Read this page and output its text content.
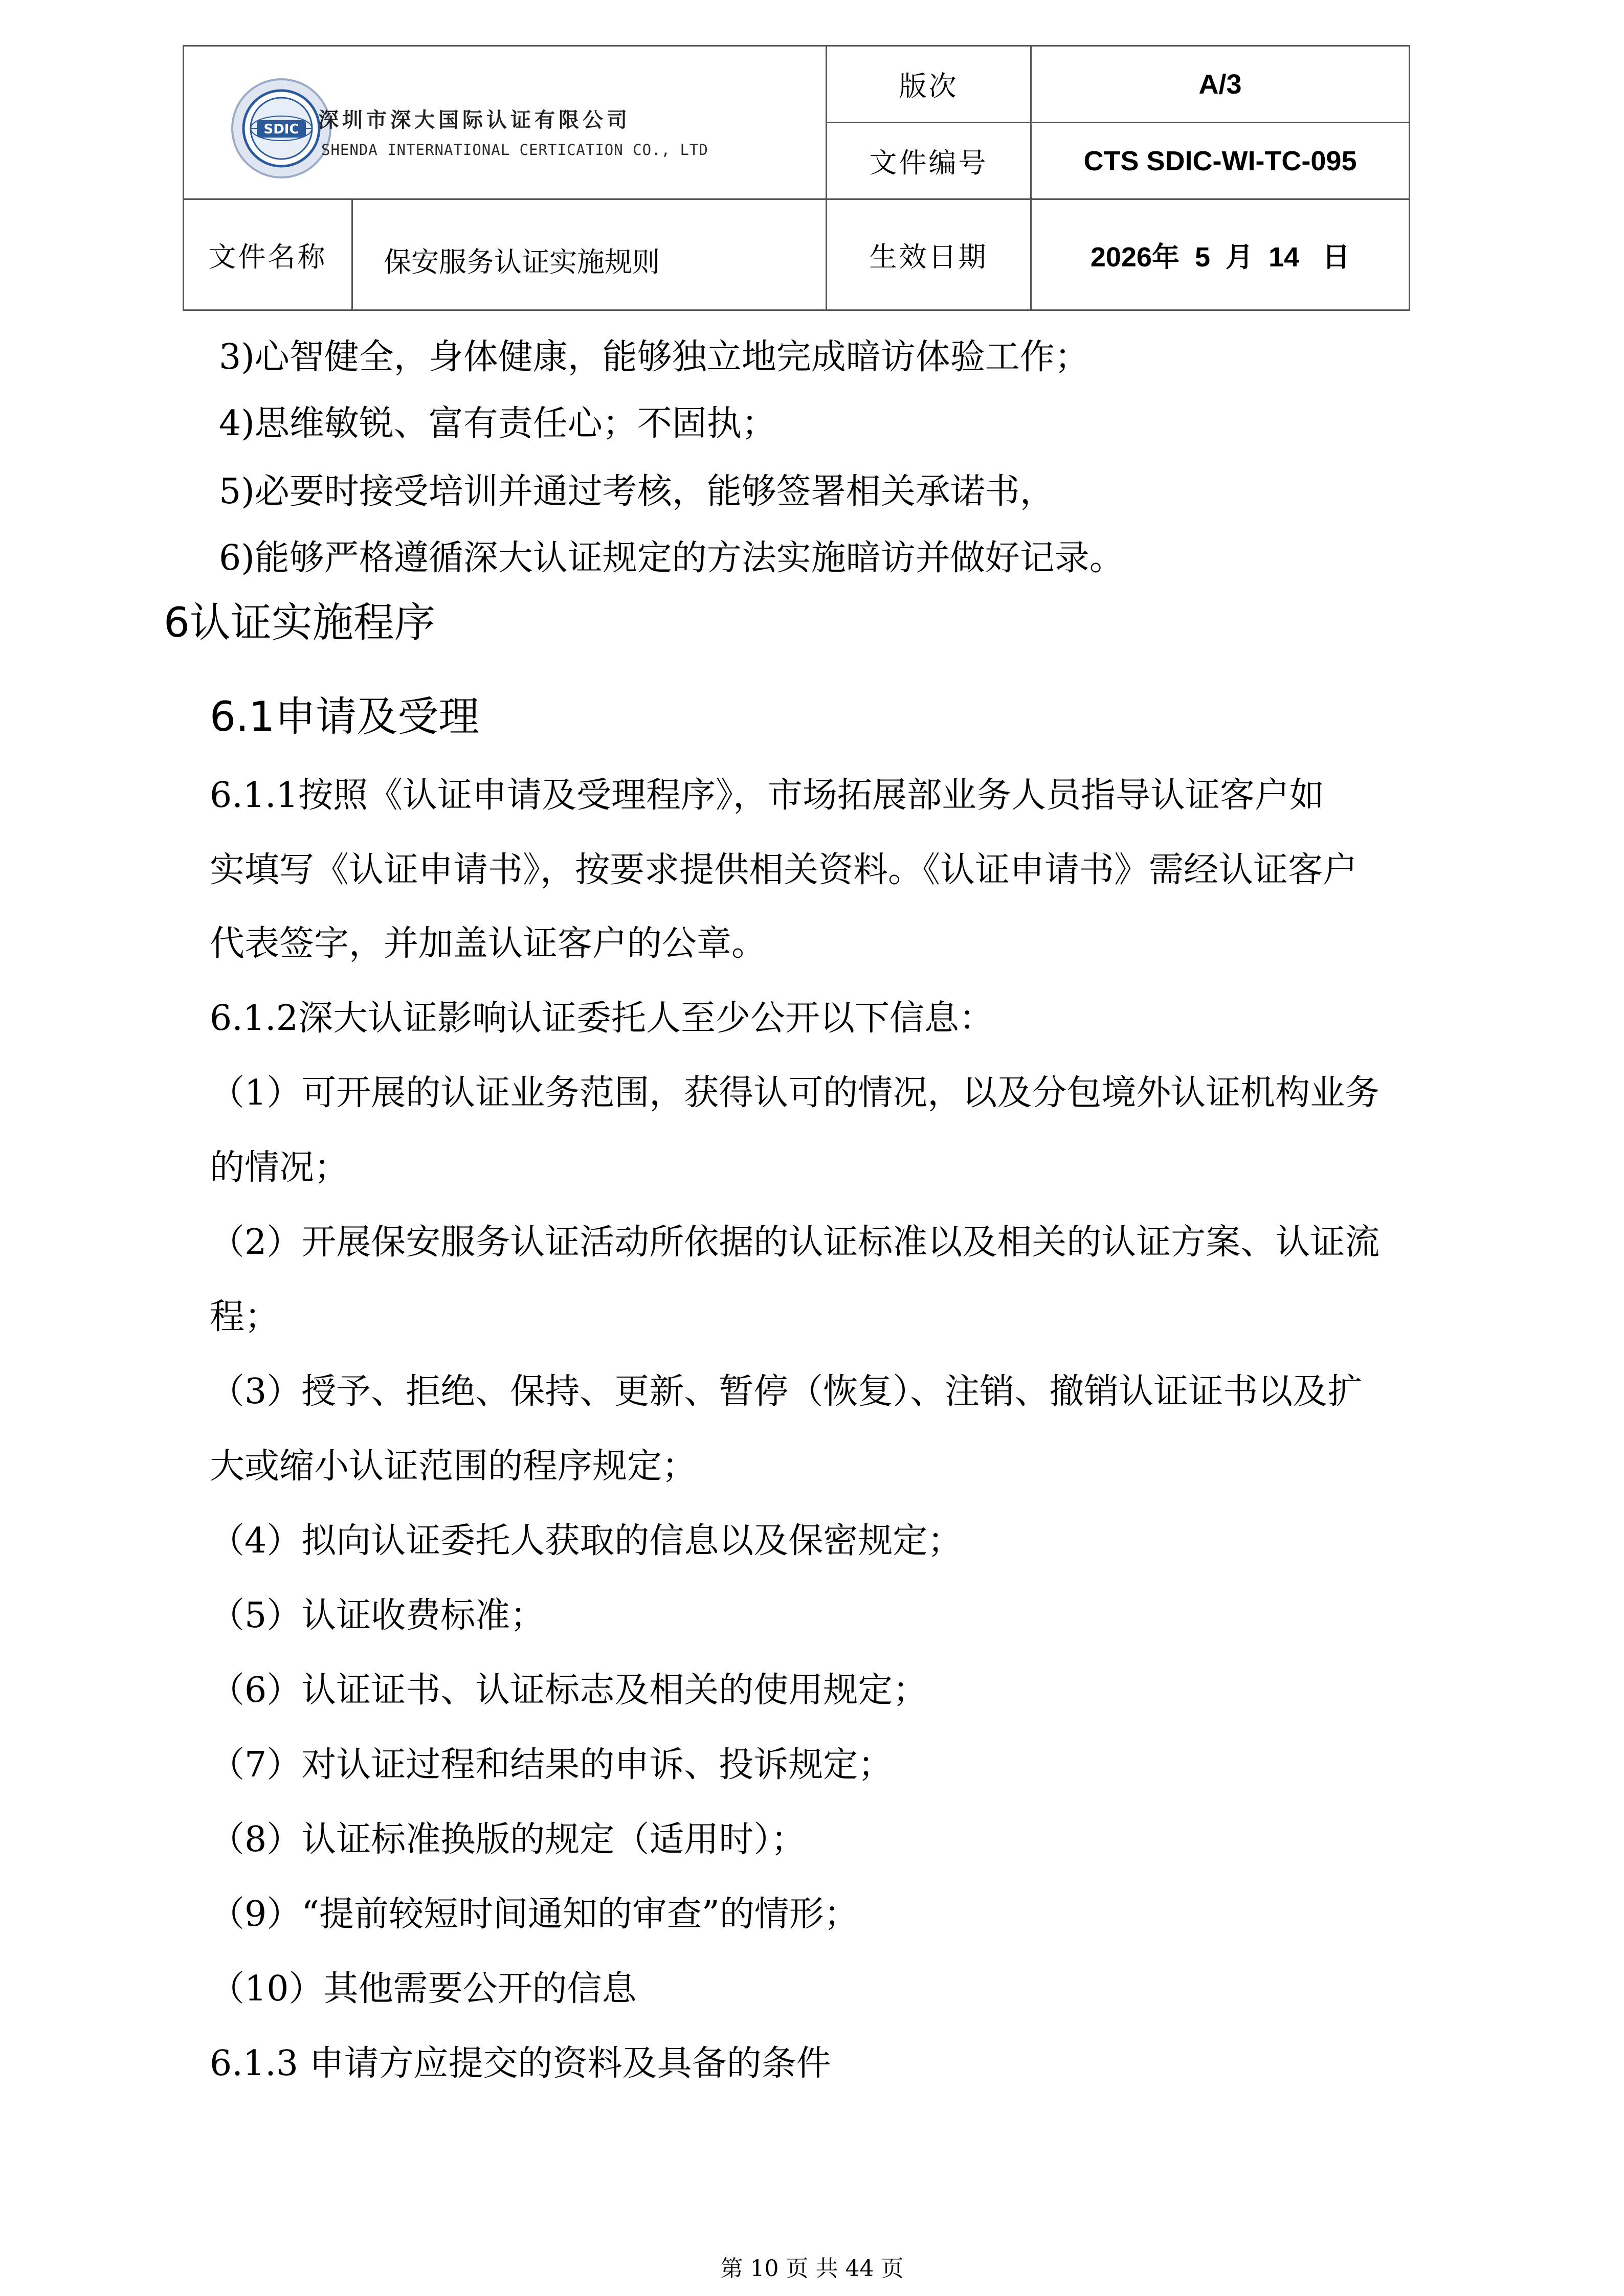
SDIC 深圳市深大国际认证有限公司
SHENDA INTERNATIONAL CERTICATION CO., LTD		版次	A/3
		文件编号	CTS SDIC-WI-TC-095
文件名称	保安服务认证实施规则	生效日期	2026年 5 月 14 日
3)心智健全，身体健康，能够独立地完成暗访体验工作；
4)思维敏锐、富有责任心；不固执；
5)必要时接受培训并通过考核，能够签署相关承诺书，
6)能够严格遵循深大认证规定的方法实施暗访并做好记录。
6认证实施程序
6.1申请及受理
6.1.1按照《认证申请及受理程序》，市场拓展部业务人员指导认证客户如
实填写《认证申请书》，按要求提供相关资料。《认证申请书》需经认证客户
代表签字，并加盖认证客户的公章。
6.1.2深大认证影响认证委托人至少公开以下信息：
（1）可开展的认证业务范围，获得认可的情况，以及分包境外认证机构业务
的情况；
（2）开展保安服务认证活动所依据的认证标准以及相关的认证方案、认证流
程；
（3）授予、拒绝、保持、更新、暂停（恢复）、注销、撤销认证证书以及扩
大或缩小认证范围的程序规定；
（4）拟向认证委托人获取的信息以及保密规定；
（5）认证收费标准；
（6）认证证书、认证标志及相关的使用规定；
（7）对认证过程和结果的申诉、投诉规定；
（8）认证标准换版的规定（适用时）；
（9）“提前较短时间通知的审查”的情形；
（10）其他需要公开的信息
6.1.3 申请方应提交的资料及具备的条件
第 10 页 共 44 页
